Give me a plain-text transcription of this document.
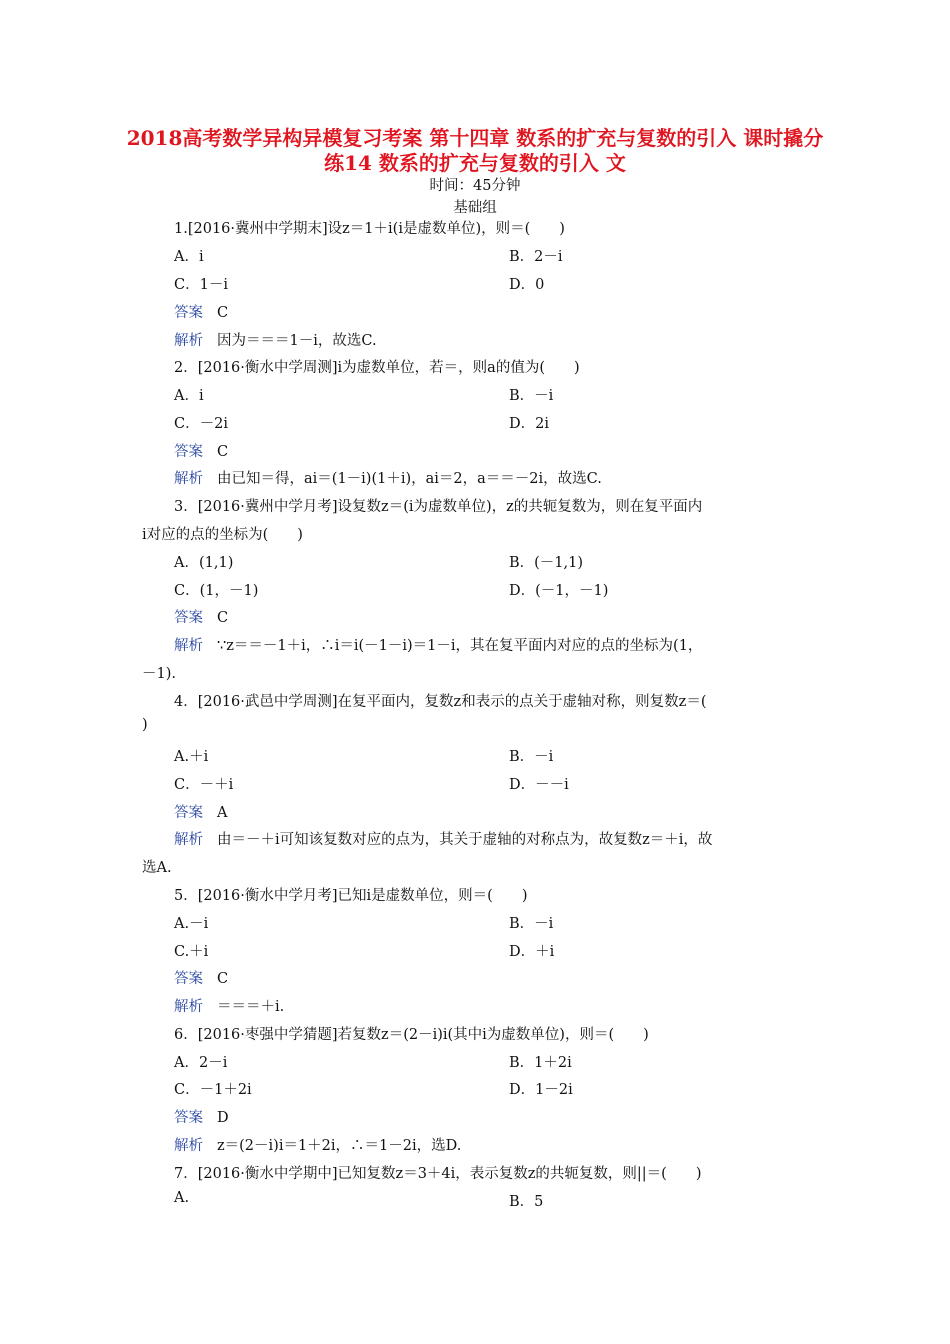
2018高考数学异构异模复习考案 第十四章 数系的扩充与复数的引入 课时撬分练14 数系的扩充与复数的引入 文
时间：45分钟
基础组
1.[2016·冀州中学期末]设z＝1＋i(i是虚数单位)，则＝(　　)
A．i	B．2－i
C．1－i	D．0
答案 C
解析 因为＝＝＝1－i，故选C.
2．[2016·衡水中学周测]i为虚数单位，若＝，则a的值为(　　)
A．i	B．－i
C．－2i	D．2i
答案 C
解析 由已知＝得，ai＝(1－i)(1＋i)，ai＝2，a＝＝－2i，故选C.
3．[2016·冀州中学月考]设复数z＝(i为虚数单位)，z的共轭复数为，则在复平面内
i对应的点的坐标为(　　)
A．(1,1)	B．(－1,1)
C．(1，－1)	D．(－1，－1)
答案 C
解析 ∵z＝＝－1＋i，∴i＝i(－1－i)＝1－i，其在复平面内对应的点的坐标为(1，
－1).
4．[2016·武邑中学周测]在复平面内，复数z和表示的点关于虚轴对称，则复数z＝(
)
A.＋i	B．－i
C．－＋i	D．－－i
答案 A
解析 由＝－＋i可知该复数对应的点为，其关于虚轴的对称点为，故复数z＝＋i，故
选A.
5．[2016·衡水中学月考]已知i是虚数单位，则＝(　　)
A.－i	B．－i
C.＋i	D．＋i
答案 C
解析 ＝＝＝＋i.
6．[2016·枣强中学猜题]若复数z＝(2－i)i(其中i为虚数单位)，则＝(　　)
A．2－i	B．1＋2i
C．－1＋2i	D．1－2i
答案 D
解析 z＝(2－i)i＝1＋2i，∴＝1－2i，选D.
7．[2016·衡水中学期中]已知复数z＝3＋4i，表示复数z的共轭复数，则||＝(　　)
A.	B．5
